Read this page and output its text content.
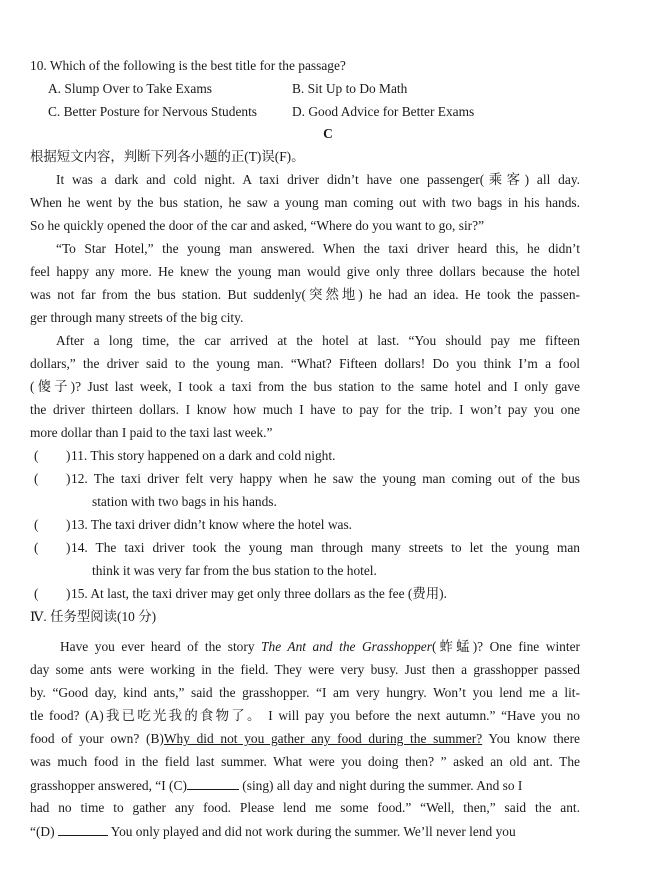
10. Which of the following is the best title for the passage?
A. Slump Over to Take Exams	B. Sit Up to Do Math
C. Better Posture for Nervous Students	D. Good Advice for Better Exams
C
根据短文内容，判断下列各小题的正(T)误(F)。
It was a dark and cold night. A taxi driver didn’t have one passenger(乘客) all day.
When he went by the bus station, he saw a young man coming out with two bags in his hands.
So he quickly opened the door of the car and asked, “Where do you want to go, sir?”
“To Star Hotel,” the young man answered. When the taxi driver heard this, he didn’t
feel happy any more. He knew the young man would give only three dollars because the hotel
was not far from the bus station. But suddenly(突然地) he had an idea. He took the passen-
ger through many streets of the big city.
After a long time, the car arrived at the hotel at last. “You should pay me fifteen
dollars,” the driver said to the young man. “What? Fifteen dollars! Do you think I’m a fool
(傻子)? Just last week, I took a taxi from the bus station to the same hotel and I only gave
the driver thirteen dollars. I know how much I have to pay for the trip. I won’t pay you one
more dollar than I paid to the taxi last week.”
( ) 11. This story happened on a dark and cold night.
( ) 12. The taxi driver felt very happy when he saw the young man coming out of the bus
station with two bags in his hands.
( ) 13. The taxi driver didn’t know where the hotel was.
( ) 14. The taxi driver took the young man through many streets to let the young man
think it was very far from the bus station to the hotel.
( ) 15. At last, the taxi driver may get only three dollars as the fee (费用).
Ⅳ. 任务型阅读(10 分)
Have you ever heard of the story The Ant and the Grasshopper(蚱蜢)? One fine winter
day some ants were working in the field. They were very busy. Just then a grasshopper passed
by. “Good day, kind ants,” said the grasshopper. “I am very hungry. Won’t you lend me a lit-
tle food? (A)我已吃光我的食物了。 I will pay you before the next autumn.” “Have you no
food of your own? (B)Why did not you gather any food during the summer? You know there
was much food in the field last summer. What were you doing then? ” asked an old ant. The
grasshopper answered, “I (C)	(sing) all day and night during the summer. And so I
had no time to gather any food. Please lend me some food.” “Well, then,” said the ant.
“(D)	You only played and did not work during the summer. We’ll never lend you
